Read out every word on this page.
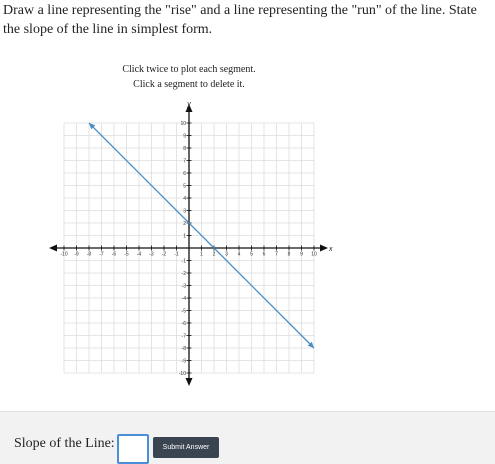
Draw a line representing the "rise" and a line representing the "run" of the line. State the slope of the line in simplest form.

Click twice to plot each segment.
Click a segment to delete it.
x
y
-10 -9 -8 -7 -6 -5 -4 -3 -2 -1	1 2 3 4 5 6 7 8 9 10
10
9
8
7
6
5
4
3
2
1
-1
-2
-3
-4
-5
-6
-7
-8
-9
-10
Slope of the Line:	Submit Answer
